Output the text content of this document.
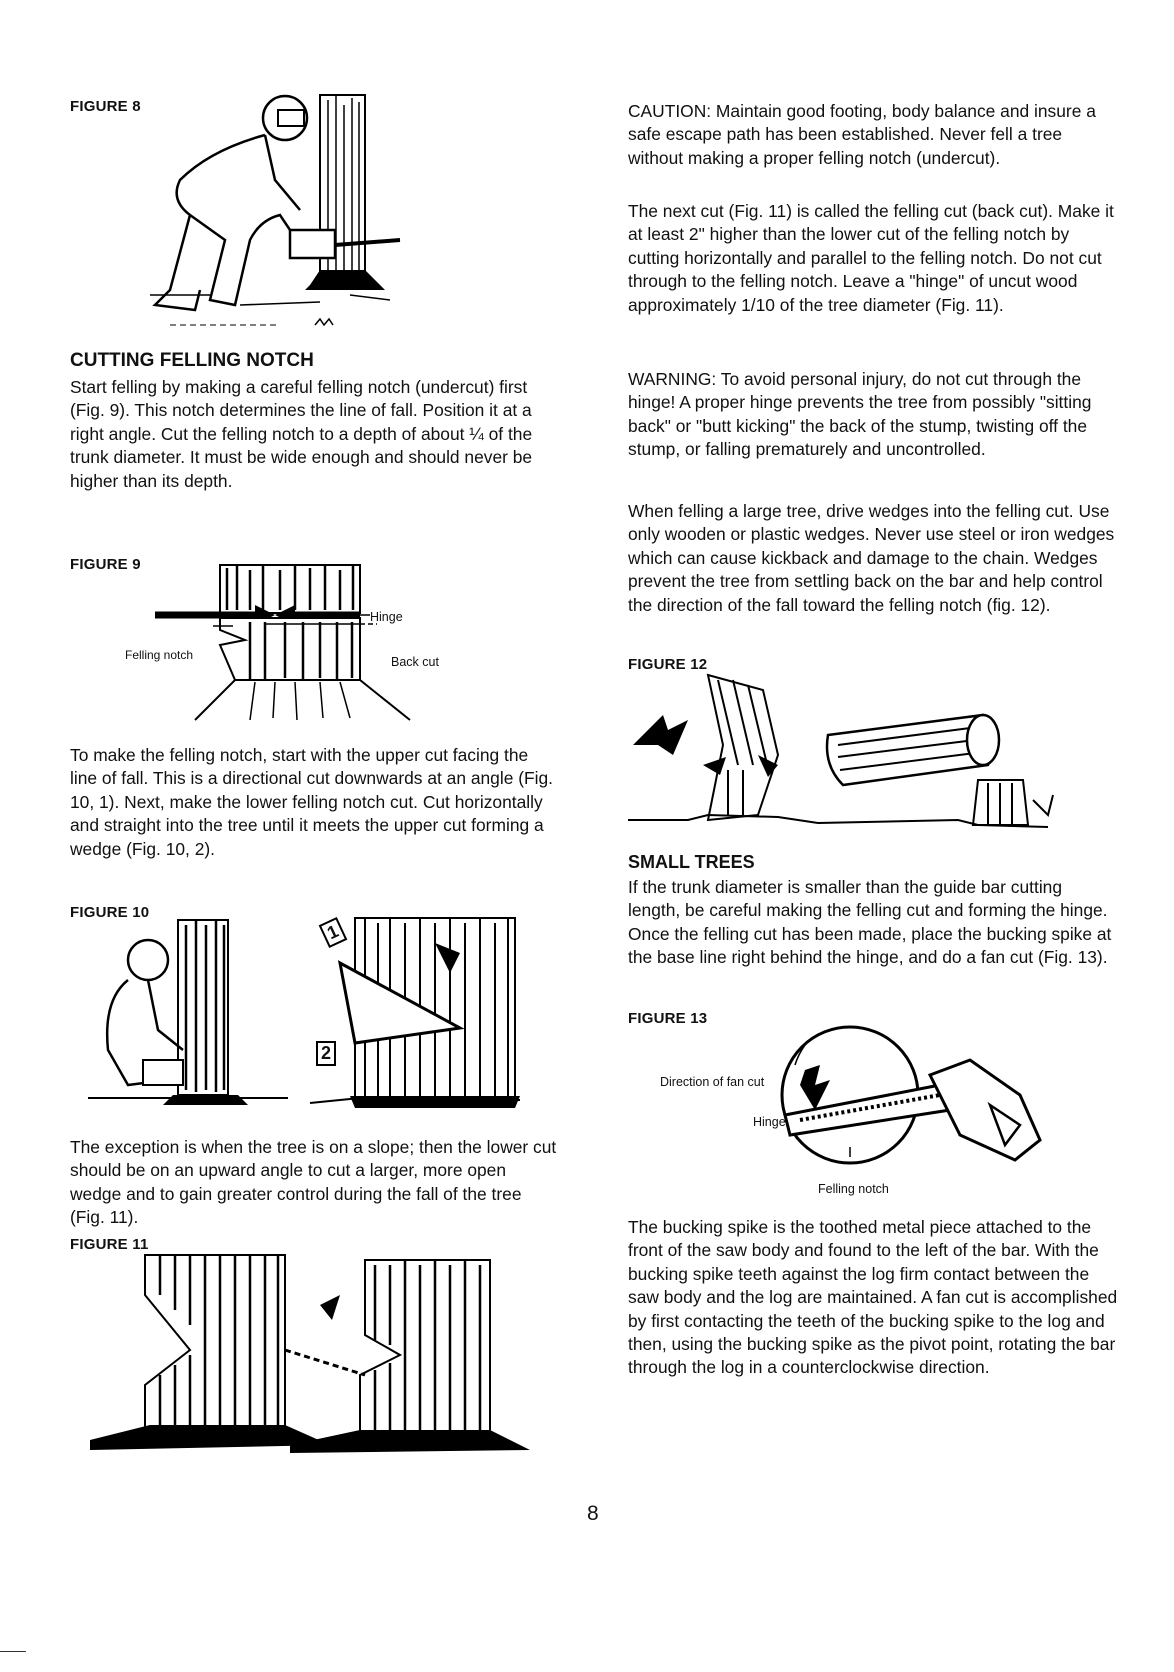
FIGURE 8
CUTTING FELLING NOTCH

Start felling by making a careful felling notch (undercut) first (Fig. 9). This notch determines the line of fall. Position it at a right angle. Cut the felling notch to a depth of about ¼ of the trunk diameter. It must be wide enough and should never be higher than its depth.

FIGURE 9
Hinge
Back cut
Felling notch

To make the felling notch, start with the upper cut facing the line of fall. This is a directional cut downwards at an angle (Fig. 10, 1). Next, make the lower felling notch cut. Cut horizontally and straight into the tree until it meets the upper cut forming a wedge (Fig. 10, 2).

FIGURE 10
1
2

The exception is when the tree is on a slope; then the lower cut should be on an upward angle to cut a larger, more open wedge and to gain greater control during the fall of the tree (Fig. 11).

FIGURE 11

CAUTION: Maintain good footing, body balance and insure a safe escape path has been established. Never fell a tree without making a proper felling notch (undercut).

The next cut (Fig. 11) is called the felling cut (back cut). Make it at least 2" higher than the lower cut of the felling notch by cutting horizontally and parallel to the felling notch. Do not cut through to the felling notch. Leave a "hinge" of uncut wood approximately 1/10 of the tree diameter (Fig. 11).

WARNING: To avoid personal injury, do not cut through the hinge! A proper hinge prevents the tree from possibly "sitting back" or "butt kicking" the back of the stump, twisting off the stump, or falling prematurely and uncontrolled.

When felling a large tree, drive wedges into the felling cut. Use only wooden or plastic wedges. Never use steel or iron wedges which can cause kickback and damage to the chain. Wedges prevent the tree from settling back on the bar and help control the direction of the fall toward the felling notch (fig. 12).

FIGURE 12
SMALL TREES

If the trunk diameter is smaller than the guide bar cutting length, be careful making the felling cut and forming the hinge. Once the felling cut has been made, place the bucking spike at the base line right behind the hinge, and do a fan cut (Fig. 13).

FIGURE 13
Direction of fan cut
Hinge
Felling notch

The bucking spike is the toothed metal piece attached to the front of the saw body and found to the left of the bar. With the bucking spike teeth against the log firm contact between the saw body and the log are maintained. A fan cut is accomplished by first contacting the teeth of the bucking spike to the log and then, using the bucking spike as the pivot point, rotating the bar through the log in a counterclockwise direction.

8
